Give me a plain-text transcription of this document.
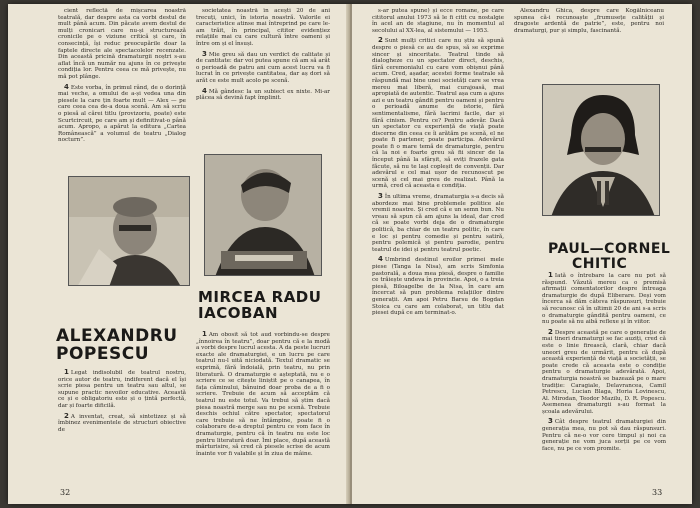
cient reflectă de mișcarea noastră teatrală, dar despre asta ca vorbi destul de mult până acum. Din păcate avem destul de mulți cronicari care nu-și structurează cronicile pe o viziune critică și care, în consecință, își reduc preocupările doar la faptele directe ale spectacolelor recenzate. Din această pricină dramaturgii noștri s-au aflat încă un număr nu ajuns în ce privește condiția lor. Pentru ceea ce mă privește, nu mă pot plânge.

4 Este vorba, în primul rând, de o dorință mai veche, a omului de a-și vedea una din piesele la care țin foarte mult — Alex — pe care ceea cea de-a doua scenă. Am să scriu o piesă al cărei titlu (provizoriu, poate) este Scurtcircuit, pe care am și definitivat-o până acum. Apropo, a apărut la editura „Cartea Românească” a volumul de teatru „Dialog nocturn”.

societatea noastră în acești 20 de ani trecuți, unici, în istoria noastră. Valorile ei caracteristice atinse mai întreprind pe care le-am trăit, în principal, cititor evidențiez relațiile mai cu care cultură între oameni și între om și el însuși.

3 Mie greu să dau un verdict de calitate și de cantitate: dar voi putea spune că am să arăt o perioadă de patru ani cum acest lucru va fi lucrat în ce privește cantitatea, dar aș dori să arăt ce este mult acolo pe scenă.

4 Mă gândesc la un subiect ex nixte. Mi-ar plăcea să devină fapt împlinit.

ALEXANDRU
POPESCU

1 Legat indisolubil de teatrul nostru, orice autor de teatru, indiferent dacă el își scrie piesa pentru un teatru sau altul, se supune practic nevoilor educative. Această ce și e obligatoriu este și o țintă perfectă, dar și foarte dificilă.

2 A inventat, creat, să sintetizez și să îmbinez evenimentele de structuri obiective de

MIRCEA RADU
IACOBAN

1 Am obosit să tot aud vorbindu-se despre „înnoirea în teatru”, doar pentru că e la modă a vorbi despre lucrul acesta. A da peste lucruri exacte ale dramaturgiei, e un lucru pe care teatrul nu-l uită niciodată. Textul dramatic se exprimă, fără îndoială, prin teatru, nu prin literatură. O dramaturgie e așteptată, nu e o scriere ce se citește liniștit pe o canapea, în fața căminului, bănuind doar proba de a fi o scriere. Trebuie de acum să acceptăm că teatrul nu este totul. Va trebui să știm dacă piesa noastră merge sau nu pe scenă. Trebuie deschis ochiul către spectator, spectatorul care trebuie să ne întâmpine, poate fi o colaborare de-a dreptul pentru ce vom face în dramaturgie, pentru că în teatru nu este loc pentru literatură doar. Îmi place, după această mărturisire, să cred că piesele scrise de acum înainte vor fi valabile și în ziua de mâine.

32

s-ar putea spune) și ecce romane, pe care cititorul anului 1973 să le fi citit cu nostalgie în acel an de stagiune, nu în momentul al secolului al XX-lea, al sistemului — 1953.

2 Sunt mulți critici care nu știu să spună despre o piesă ce au de spus, să se exprime sincer și sinceritate. Teatrul tinde să dialogheze cu un spectator direct, deschis, fără ceremonialul cu care vom obișnui până acum. Cred, așadar, acestei forme teatrale să răspundă mai bine unei societăți care se vrea mereu mai liberă, mai curajoasă, mai apropiată de autentic. Teatrul așa cum a ajuns azi e un teatru gândit pentru oameni și pentru o perioadă anume de istorie, fără sentimentalisme, fără lacrimi facile, dar și fără cinism. Pentru ce? Pentru adevăr. Dacă un spectator cu experiență de viață poate discerne din ceea ce îi arătăm pe scenă, el ne poate fi partener, poate participa. Adevărul poate fi o mare temă de dramaturgie, pentru că la noi e foarte greu să fii sincer de la început până la sfârșit, să eviți frazele gata făcute, să nu te lași copleșit de convenții. Dar adevărul e cel mai ușor de recunoscut pe scenă și cel mai greu de realizat. Până la urmă, cred că aceasta e condiția.

3 În ultima vreme, dramaturgia s-a decis să abordeze mai bine problemele politice ale vremii noastre. Și cred că e un semn bun. Nu vreau să spun că am ajuns la ideal, dar cred că se poate vorbi deja de o dramaturgie politică, ba chiar de un teatru politic, în care e loc și pentru comedie și pentru satiră, pentru polemică și pentru parodie, pentru teatrul de idei și pentru teatrul poetic.

4 Umbrind destinul eroilor primei mele piese (Tanga la Nisa), am scris Simfonia pastorală, a doua mea piesă, despre o familie ce trăiește undeva în provincie. Apoi, o a treia piesă, Biloagelbe de la Nisa, în care am încercat să pun problema relațiilor dintre generații. Am apoi Petru Barsu de Bogdan Stoica cu care am colaborat, un titlu dat piesei după ce am terminat-o.

Alexandru Ghica, despre care Kogălniceanu spunea că-i recunoaște „frumusețe calității și dragoste ardentă de patrie”, este, pentru noi dramaturgi, pur și simplu, fascinantă.

PAUL—CORNEL
CHITIC

1 Iată o întrebare la care nu pot să răspund. Văzută mereu ca o premisă afirmații comentatorilor despre întreaga dramaturgie de după Eliberare. Deși vom încerca să dăm câteva răspunsuri, trebuie să recunosc că în ultimii 20 de ani s-a scris o dramaturgie gândită pentru oameni, ce nu poate să nu aibă reflexe și în viitor.

2 Despre această pe care o generație de mai tineri dramaturgi se fac auziți, cred că este o linie firească, clară, chiar dacă uneori greu de urmărit, pentru că după această experiență de viață a societății, se poate crede că aceasta este o condiție pentru o dramaturgie adevărată. Apoi, dramaturgia noastră se bazează pe o mare tradiție: Caragiale, Delavrancea, Camil Petrescu, Lucian Blaga, Horia Lovinescu, Al. Mirodan, Teodor Mazilu, D. R. Popescu. Asemenea dramaturgii s-au format la școala adevărului.

3 Cât despre teatrul dramaturgiei din generația mea, nu pot să dau răspunsuri. Pentru că ne-o vor cere timpul și noi ca generație ne vom juca sorții pe ce vom face, nu pe ce vom promite.

33
